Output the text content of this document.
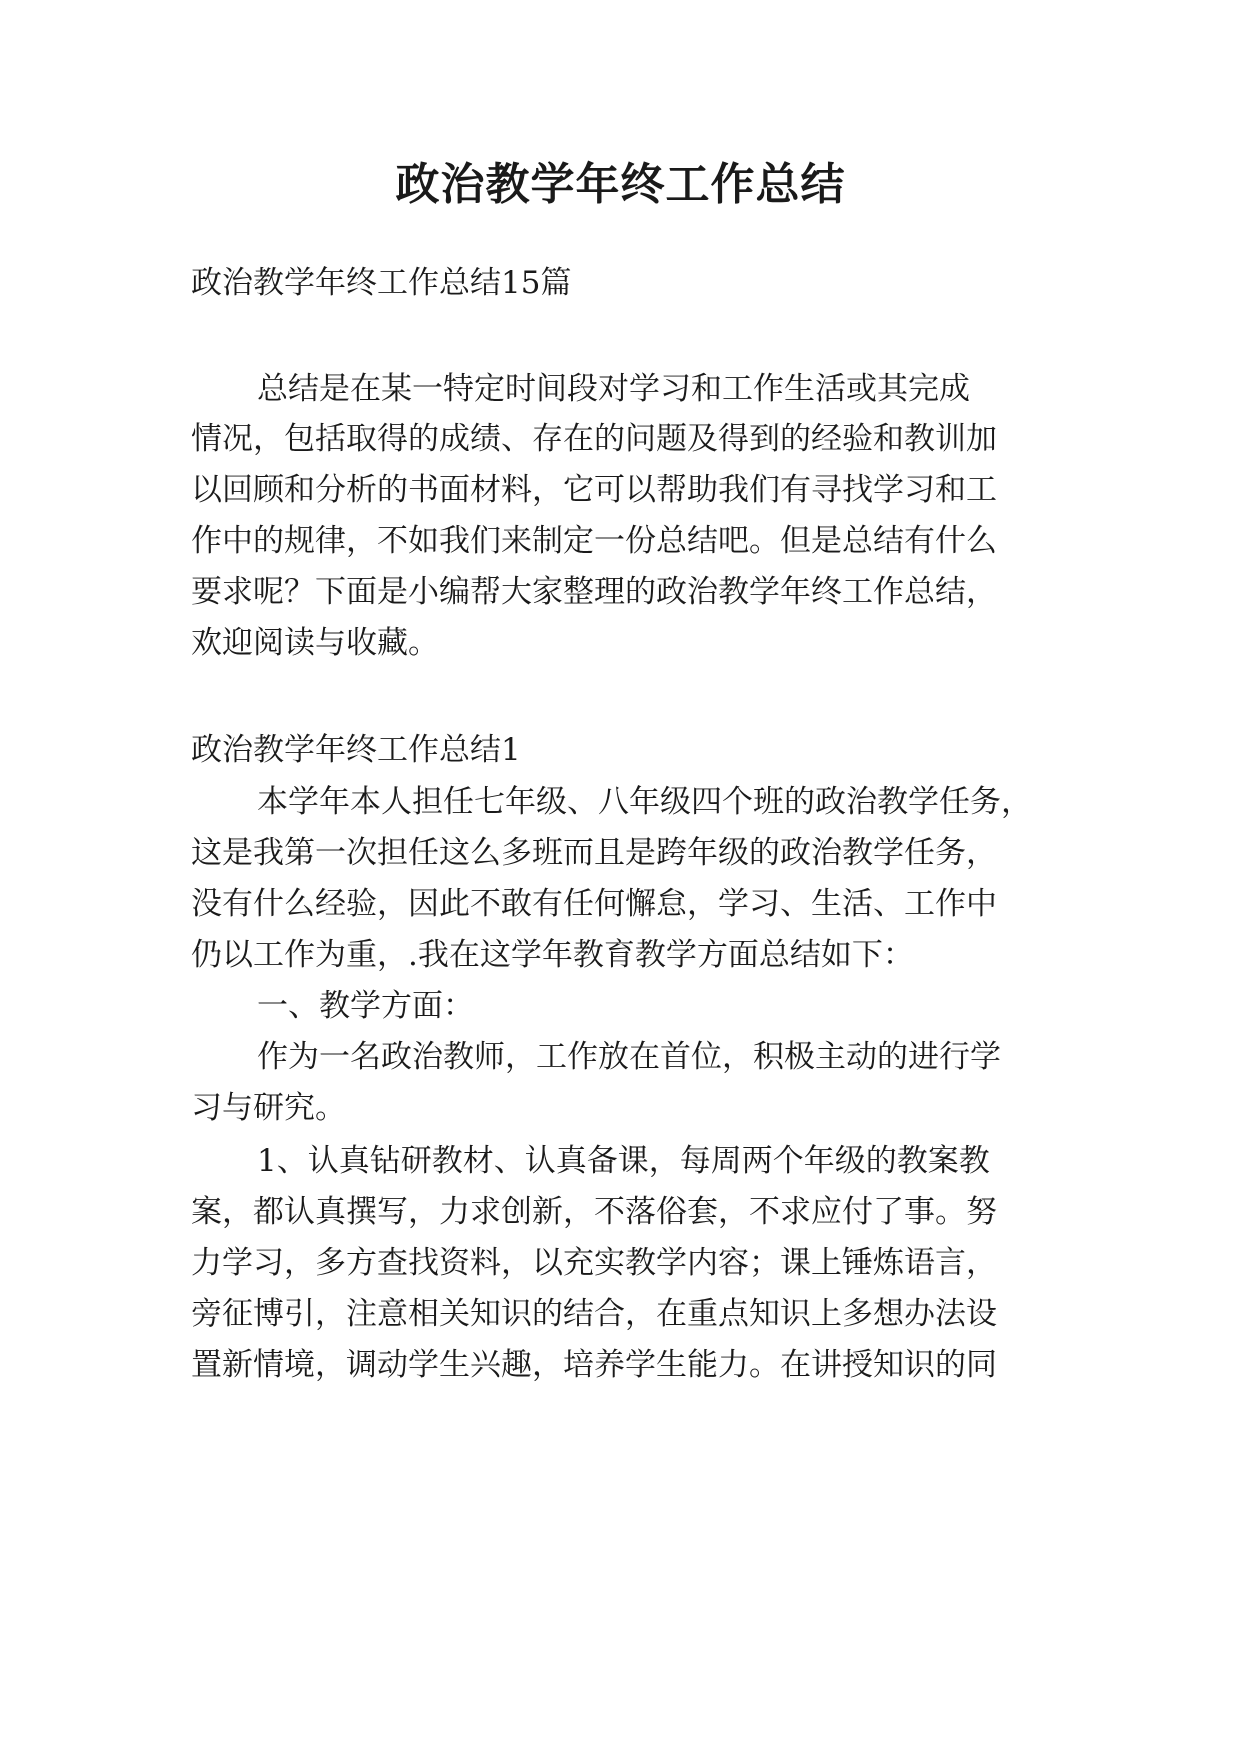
政治教学年终工作总结
政治教学年终工作总结15篇
总结是在某一特定时间段对学习和工作生活或其完成
情况，包括取得的成绩、存在的问题及得到的经验和教训加
以回顾和分析的书面材料，它可以帮助我们有寻找学习和工
作中的规律，不如我们来制定一份总结吧。但是总结有什么
要求呢？下面是小编帮大家整理的政治教学年终工作总结，
欢迎阅读与收藏。
政治教学年终工作总结1
本学年本人担任七年级、八年级四个班的政治教学任务，
这是我第一次担任这么多班而且是跨年级的政治教学任务，
没有什么经验，因此不敢有任何懈怠，学习、生活、工作中
仍以工作为重，.我在这学年教育教学方面总结如下：
一、教学方面：
作为一名政治教师，工作放在首位，积极主动的进行学
习与研究。
1、认真钻研教材、认真备课，每周两个年级的教案教
案，都认真撰写，力求创新，不落俗套，不求应付了事。努
力学习，多方查找资料，以充实教学内容；课上锤炼语言，
旁征博引，注意相关知识的结合，在重点知识上多想办法设
置新情境，调动学生兴趣，培养学生能力。在讲授知识的同
